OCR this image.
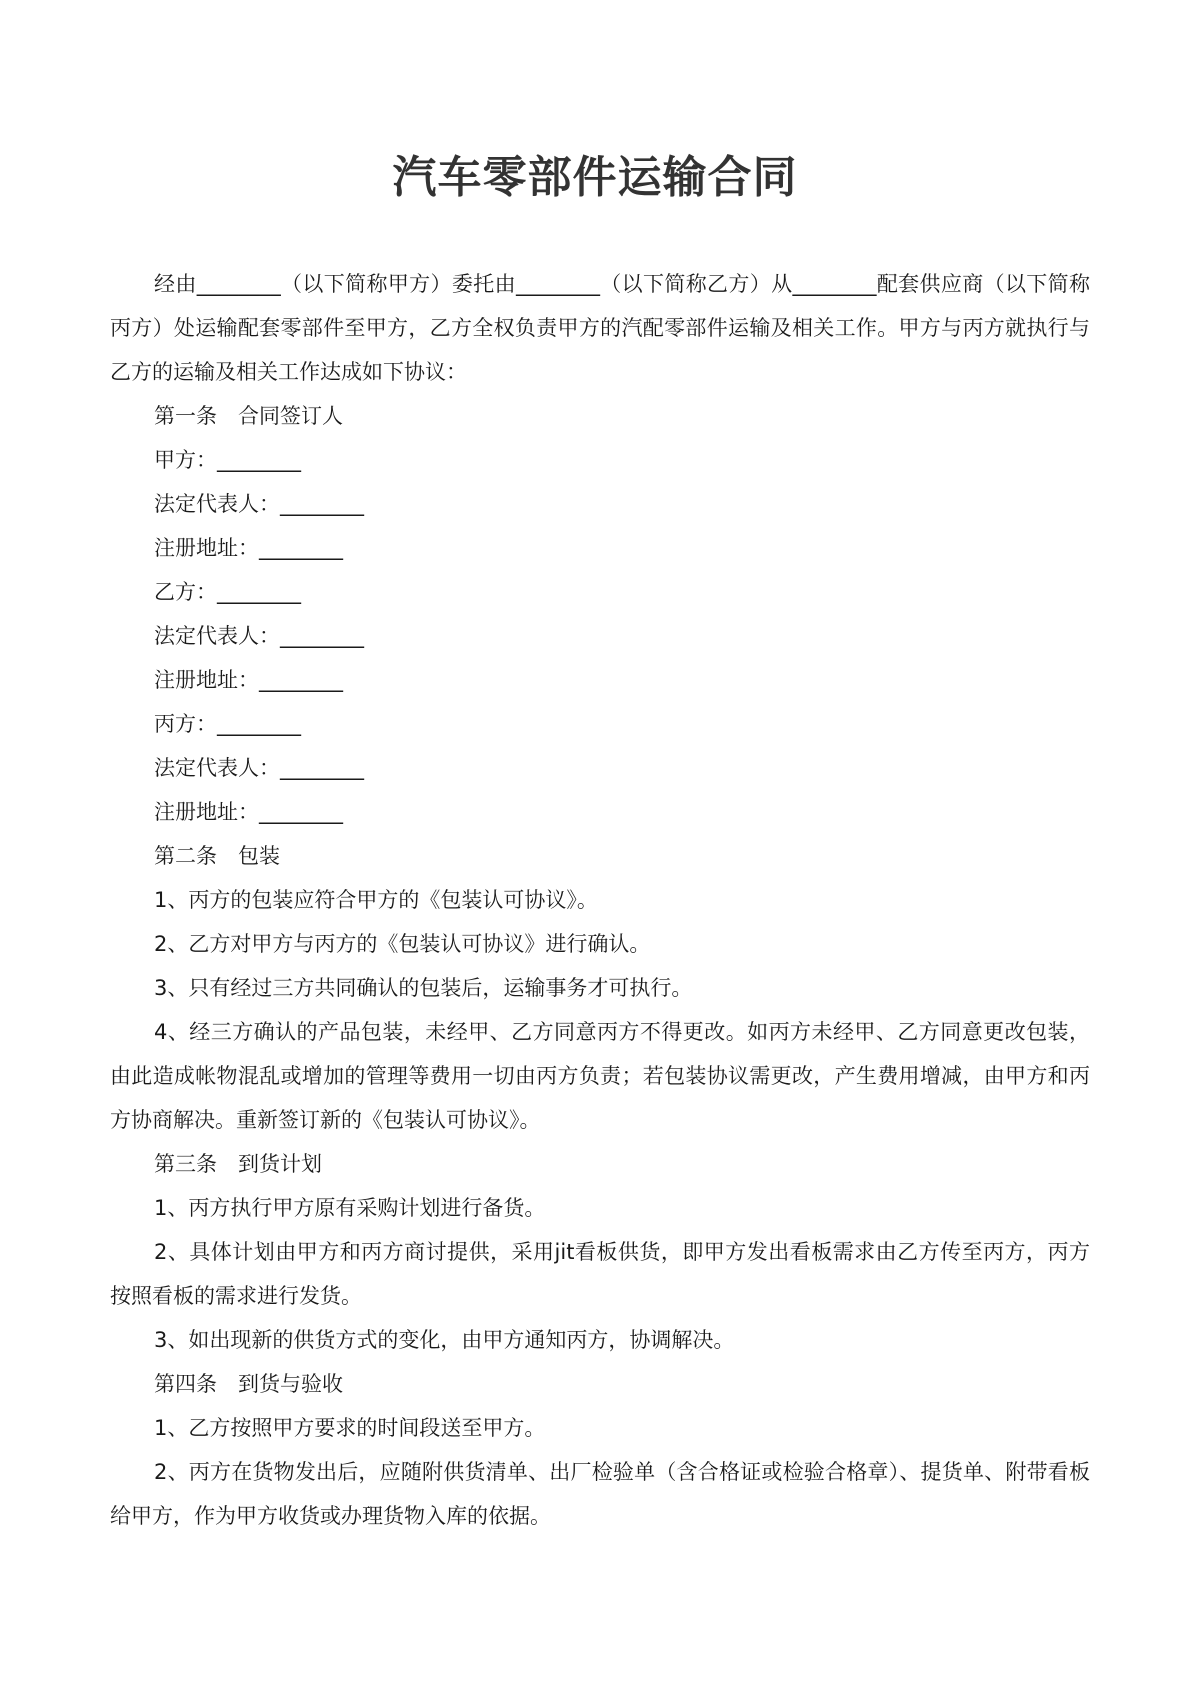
汽车零部件运输合同

经由________（以下简称甲方）委托由________（以下简称乙方）从________配套供应商（以下简称丙方）处运输配套零部件至甲方，乙方全权负责甲方的汽配零部件运输及相关工作。甲方与丙方就执行与乙方的运输及相关工作达成如下协议：

第一条　合同签订人

甲方：________

法定代表人：________

注册地址：________

乙方：________

法定代表人：________

注册地址：________

丙方：________

法定代表人：________

注册地址：________

第二条　包装

1、丙方的包装应符合甲方的《包装认可协议》。

2、乙方对甲方与丙方的《包装认可协议》进行确认。

3、只有经过三方共同确认的包装后，运输事务才可执行。

4、经三方确认的产品包装，未经甲、乙方同意丙方不得更改。如丙方未经甲、乙方同意更改包装，由此造成帐物混乱或增加的管理等费用一切由丙方负责；若包装协议需更改，产生费用增减，由甲方和丙方协商解决。重新签订新的《包装认可协议》。

第三条　到货计划

1、丙方执行甲方原有采购计划进行备货。

2、具体计划由甲方和丙方商讨提供，采用jit看板供货，即甲方发出看板需求由乙方传至丙方，丙方按照看板的需求进行发货。

3、如出现新的供货方式的变化，由甲方通知丙方，协调解决。

第四条　到货与验收

1、乙方按照甲方要求的时间段送至甲方。

2、丙方在货物发出后，应随附供货清单、出厂检验单（含合格证或检验合格章）、提货单、附带看板给甲方，作为甲方收货或办理货物入库的依据。
